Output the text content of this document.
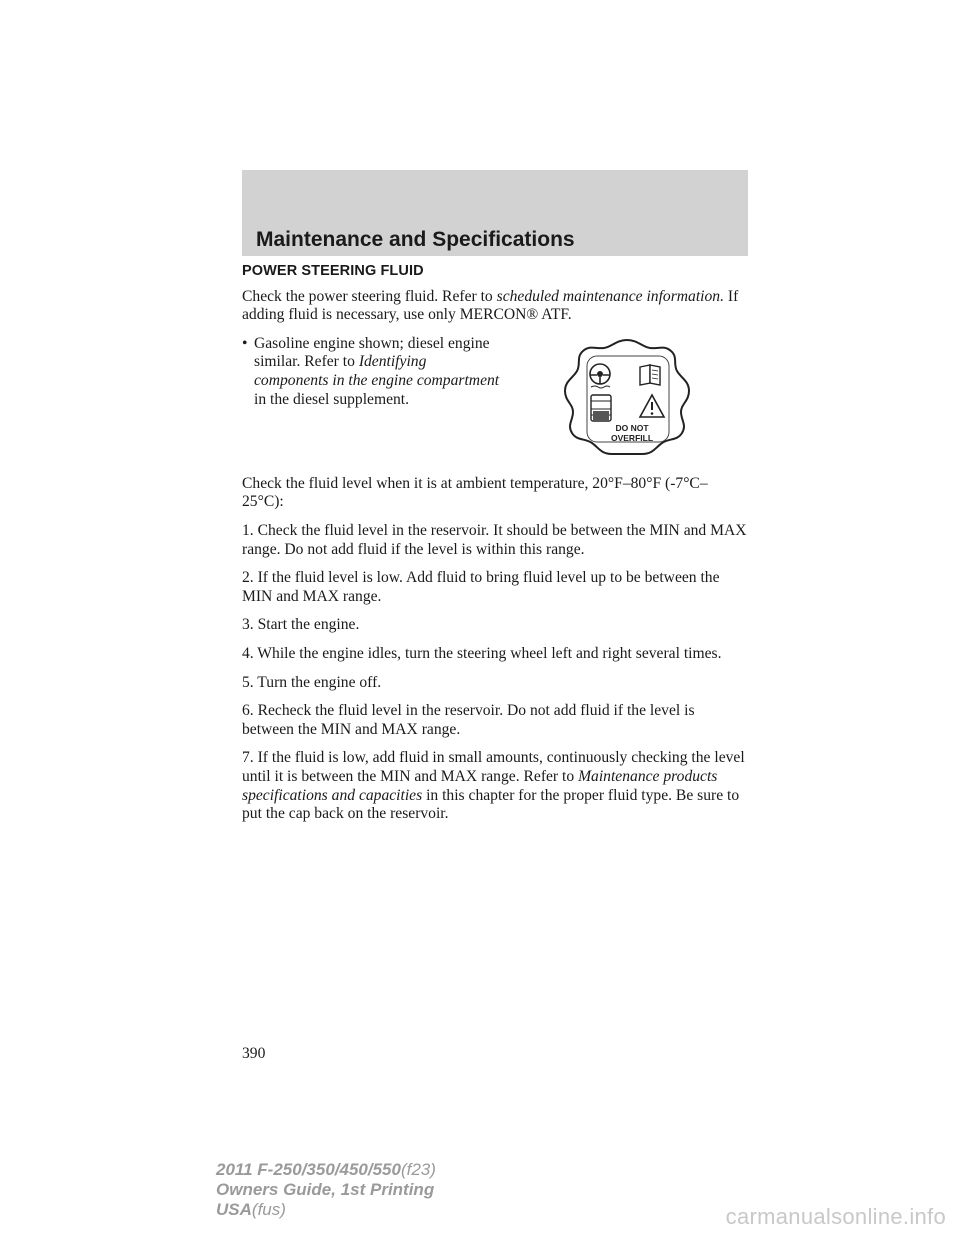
Maintenance and Specifications
POWER STEERING FLUID

Check the power steering fluid. Refer to scheduled maintenance information. If adding fluid is necessary, use only MERCON® ATF.

• Gasoline engine shown; diesel engine similar. Refer to Identifying components in the engine compartment in the diesel supplement.
DO NOT
OVERFILL

Check the fluid level when it is at ambient temperature, 20°F–80°F (-7°C–25°C):

1. Check the fluid level in the reservoir. It should be between the MIN and MAX range. Do not add fluid if the level is within this range.

2. If the fluid level is low. Add fluid to bring fluid level up to be between the MIN and MAX range.

3. Start the engine.

4. While the engine idles, turn the steering wheel left and right several times.

5. Turn the engine off.

6. Recheck the fluid level in the reservoir. Do not add fluid if the level is between the MIN and MAX range.

7. If the fluid is low, add fluid in small amounts, continuously checking the level until it is between the MIN and MAX range. Refer to Maintenance products specifications and capacities in this chapter for the proper fluid type. Be sure to put the cap back on the reservoir.

390
2011 F-250/350/450/550(f23)
Owners Guide, 1st Printing
USA(fus)	carmanualsonline.info
